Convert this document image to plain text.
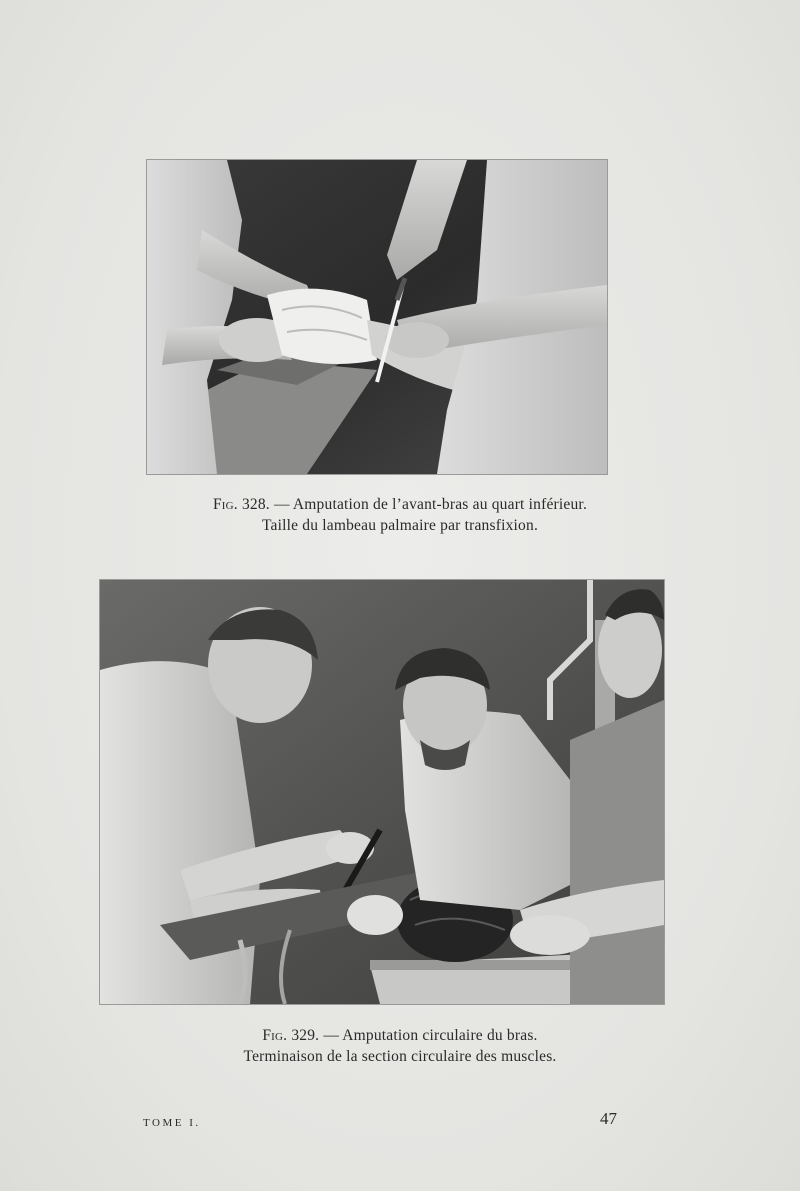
Fig. 328. — Amputation de l’avant-bras au quart inférieur.
Taille du lambeau palmaire par transfixion.
Fig. 329. — Amputation circulaire du bras.
Terminaison de la section circulaire des muscles.
TOME I.	47
